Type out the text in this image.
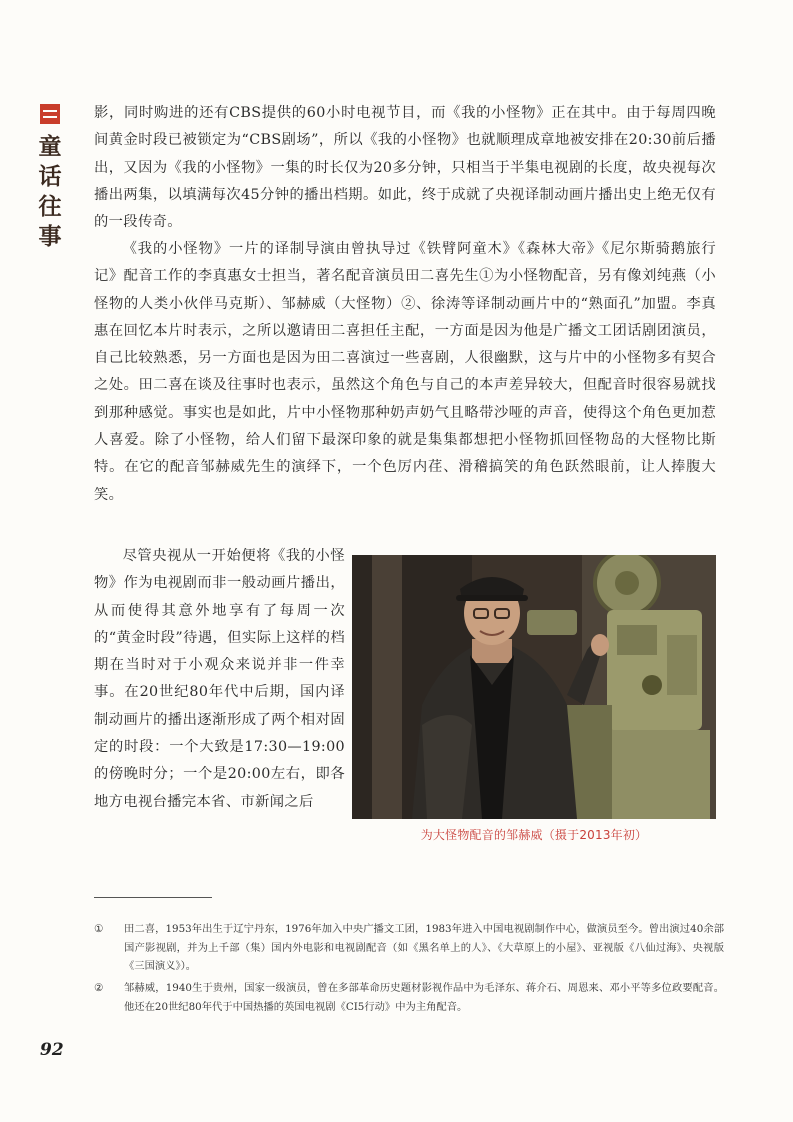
童
话
往
事

影，同时购进的还有CBS提供的60小时电视节目，而《我的小怪物》正在其中。由于每周四晚间黄金时段已被锁定为“CBS剧场”，所以《我的小怪物》也就顺理成章地被安排在20:30前后播出，又因为《我的小怪物》一集的时长仅为20多分钟，只相当于半集电视剧的长度，故央视每次播出两集，以填满每次45分钟的播出档期。如此，终于成就了央视译制动画片播出史上绝无仅有的一段传奇。

《我的小怪物》一片的译制导演由曾执导过《铁臂阿童木》《森林大帝》《尼尔斯骑鹅旅行记》配音工作的李真惠女士担当，著名配音演员田二喜先生①为小怪物配音，另有像刘纯燕（小怪物的人类小伙伴马克斯）、邹赫威（大怪物）②、徐涛等译制动画片中的“熟面孔”加盟。李真惠在回忆本片时表示，之所以邀请田二喜担任主配，一方面是因为他是广播文工团话剧团演员，自己比较熟悉，另一方面也是因为田二喜演过一些喜剧，人很幽默，这与片中的小怪物多有契合之处。田二喜在谈及往事时也表示，虽然这个角色与自己的本声差异较大，但配音时很容易就找到那种感觉。事实也是如此，片中小怪物那种奶声奶气且略带沙哑的声音，使得这个角色更加惹人喜爱。除了小怪物，给人们留下最深印象的就是集集都想把小怪物抓回怪物岛的大怪物比斯特。在它的配音邹赫威先生的演绎下，一个色厉内荏、滑稽搞笑的角色跃然眼前，让人捧腹大笑。

尽管央视从一开始便将《我的小怪物》作为电视剧而非一般动画片播出，从而使得其意外地享有了每周一次的“黄金时段”待遇，但实际上这样的档期在当时对于小观众来说并非一件幸事。在20世纪80年代中后期，国内译制动画片的播出逐渐形成了两个相对固定的时段：一个大致是17:30—19:00的傍晚时分；一个是20:00左右，即各地方电视台播完本省、市新闻之后

为大怪物配音的邹赫威（摄于2013年初）
①	田二喜，1953年出生于辽宁丹东，1976年加入中央广播文工团，1983年进入中国电视剧制作中心，做演员至今。曾出演过40余部国产影视剧，并为上千部（集）国内外电影和电视剧配音（如《黑名单上的人》、《大草原上的小屋》、亚视版《八仙过海》、央视版《三国演义》）。
②	邹赫威，1940生于贵州，国家一级演员，曾在多部革命历史题材影视作品中为毛泽东、蒋介石、周恩来、邓小平等多位政要配音。他还在20世纪80年代于中国热播的英国电视剧《CI5行动》中为主角配音。
92
